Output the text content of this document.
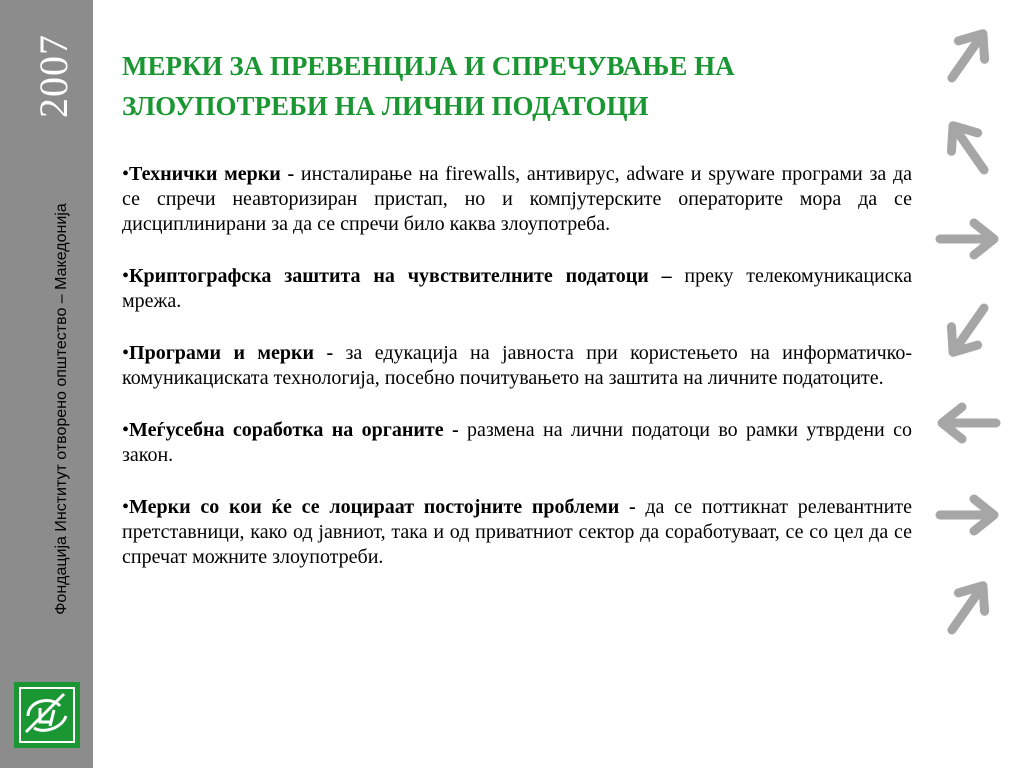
2007
Фондација Институт отворено општество – Македонија
МЕРКИ ЗА ПРЕВЕНЦИЈА И СПРЕЧУВАЊЕ НА ЗЛОУПОТРЕБИ НА ЛИЧНИ ПОДАТОЦИ
•Технички мерки - инсталирање на firewalls, антивирус, adware и spyware програми за да се спречи неавторизиран пристап, но и компјутерските операторите мора да се дисциплинирани за да се спречи било каква злоупотреба.
•Криптографска заштита на чувствителните податоци – преку телекомуникациска мрежа.
•Програми и мерки - за едукација на јавноста при користењето на информатичко-комуникациската технологија, посебно почитувањето на заштита на личните податоците.
•Меѓусебна соработка на органите - размена на лични податоци во рамки утврдени со закон.
•Мерки со кои ќе се лоцираат постојните проблеми - да се поттикнат релевантните претставници, како од јавниот, така и од приватниот сектор да соработуваат, се со цел да се спречат можните злоупотреби.
